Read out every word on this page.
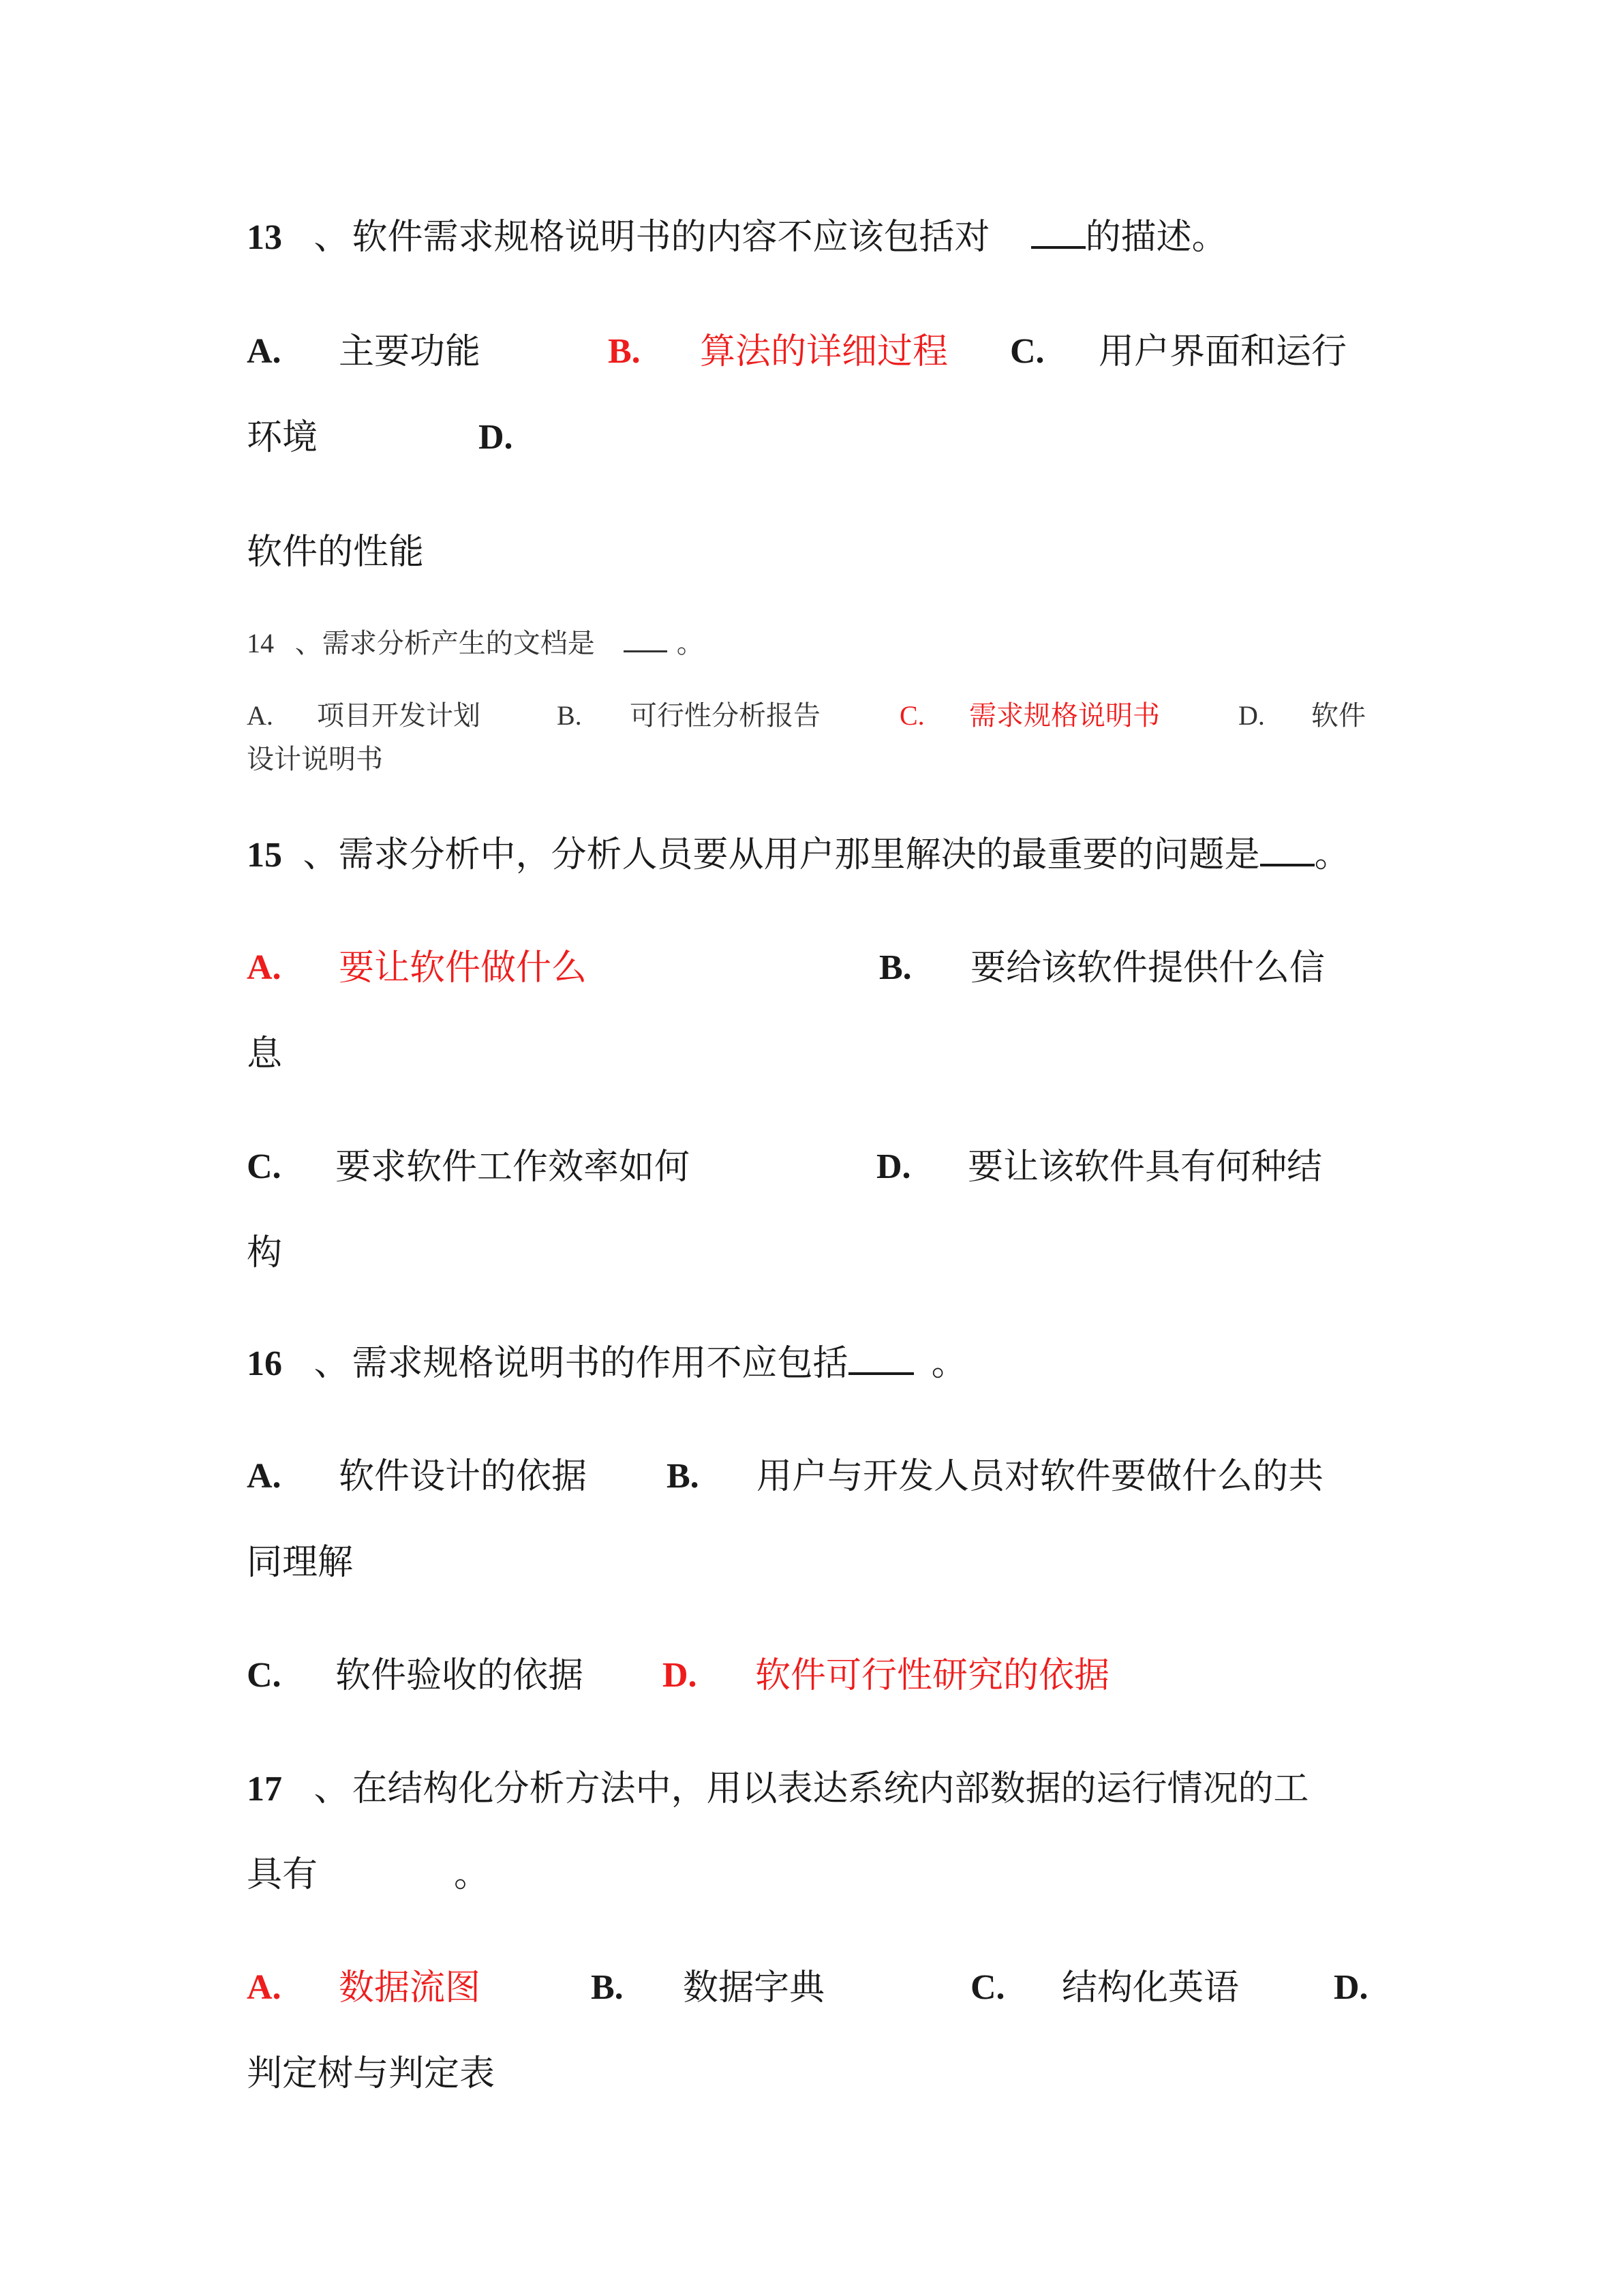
13 、软件需求规格说明书的内容不应该包括对	的描述。
A. 主要功能	B. 算法的详细过程 C. 用户界面和运行
环境	D.
软件的性能
14 、需求分析产生的文档是	。
A. 项目开发计划	B. 可行性分析报告	C. 需求规格说明书	D. 软件
设计说明书
15 、需求分析中，分析人员要从用户那里解决的最重要的问题是 。
A. 要让软件做什么	B. 要给该软件提供什么信
息
C. 要求软件工作效率如何	D. 要让该软件具有何种结
构
16 、需求规格说明书的作用不应包括 。
A. 软件设计的依据 B. 用户与开发人员对软件要做什么的共
同理解
C. 软件验收的依据 D. 软件可行性研究的依据
17 、在结构化分析方法中，用以表达系统内部数据的运行情况的工
具有	。
A. 数据流图	B. 数据字典	C. 结构化英语	D.
判定树与判定表
